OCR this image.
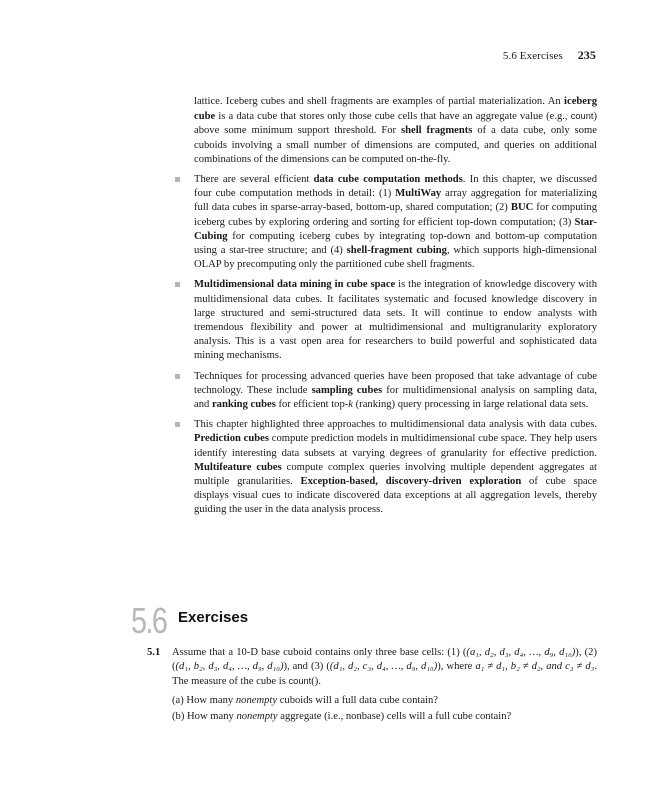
5.6 Exercises 235

lattice. Iceberg cubes and shell fragments are examples of partial materialization. An iceberg cube is a data cube that stores only those cube cells that have an aggregate value (e.g., count) above some minimum support threshold. For shell fragments of a data cube, only some cuboids involving a small number of dimensions are computed, and queries on additional combinations of the dimensions can be computed on-the-fly.

There are several efficient data cube computation methods. In this chapter, we discussed four cube computation methods in detail: (1) MultiWay array aggregation for materializing full data cubes in sparse-array-based, bottom-up, shared computation; (2) BUC for computing iceberg cubes by exploring ordering and sorting for efficient top-down computation; (3) Star-Cubing for computing iceberg cubes by integrating top-down and bottom-up computation using a star-tree structure; and (4) shell-fragment cubing, which supports high-dimensional OLAP by precomputing only the partitioned cube shell fragments.
Multidimensional data mining in cube space is the integration of knowledge discovery with multidimensional data cubes. It facilitates systematic and focused knowledge discovery in large structured and semi-structured data sets. It will continue to endow analysts with tremendous flexibility and power at multidimensional and multigranularity exploratory analysis. This is a vast open area for researchers to build powerful and sophisticated data mining mechanisms.
Techniques for processing advanced queries have been proposed that take advantage of cube technology. These include sampling cubes for multidimensional analysis on sampling data, and ranking cubes for efficient top-k (ranking) query processing in large relational data sets.
This chapter highlighted three approaches to multidimensional data analysis with data cubes. Prediction cubes compute prediction models in multidimensional cube space. They help users identify interesting data subsets at varying degrees of granularity for effective prediction. Multifeature cubes compute complex queries involving multiple dependent aggregates at multiple granularities. Exception-based, discovery-driven exploration of cube space displays visual cues to indicate discovered data exceptions at all aggregation levels, thereby guiding the user in the data analysis process.
5.6 Exercises
5.1 Assume that a 10-D base cuboid contains only three base cells: (1) ((a₁, d₂, d₃, d₄, …, d₉, d₁₀)), (2) ((d₁, b₂, d₃, d₄, …, d₉, d₁₀)), and (3) ((d₁, d₂, c₃, d₄, …, d₉, d₁₀)), where a₁ ≠ d₁, b₂ ≠ d₂, and c₃ ≠ d₃. The measure of the cube is count().
(a) How many nonempty cuboids will a full data cube contain?
(b) How many nonempty aggregate (i.e., nonbase) cells will a full cube contain?
